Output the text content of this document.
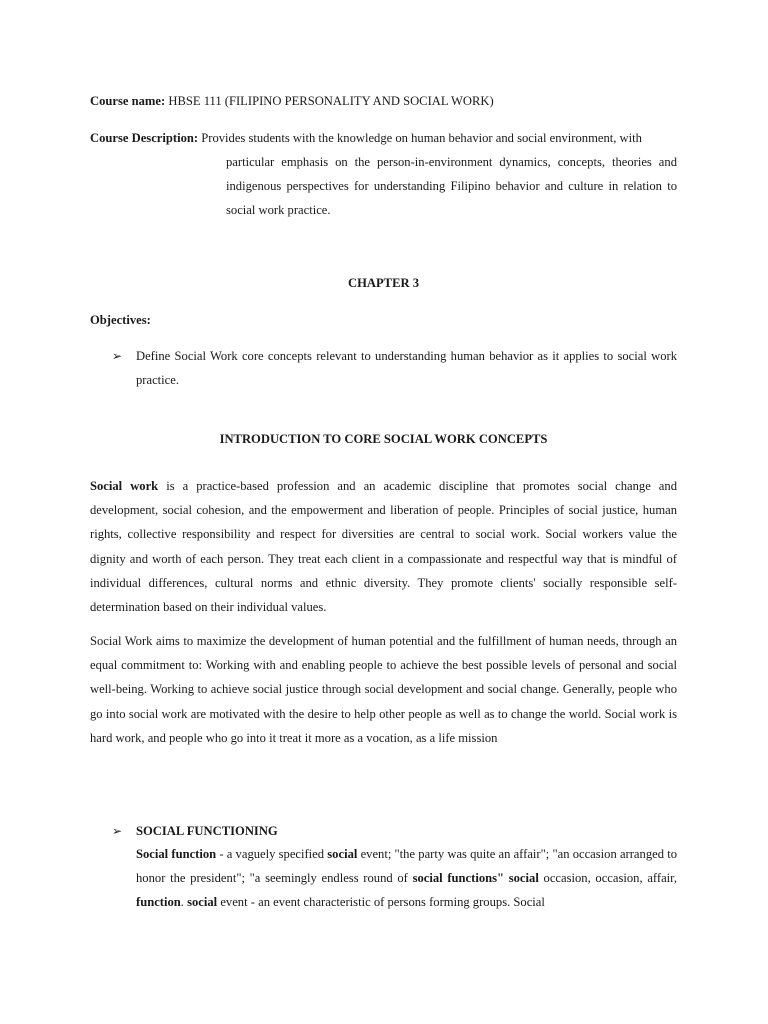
Course name: HBSE 111 (FILIPINO PERSONALITY AND SOCIAL WORK)
Course Description: Provides students with the knowledge on human behavior and social environment, with
particular emphasis on the person-in-environment dynamics, concepts, theories and indigenous perspectives for understanding Filipino behavior and culture in relation to social work practice.
CHAPTER 3
Objectives:
➢	Define Social Work core concepts relevant to understanding human behavior as it applies to social work practice.
INTRODUCTION TO CORE SOCIAL WORK CONCEPTS
Social work is a practice-based profession and an academic discipline that promotes social change and development, social cohesion, and the empowerment and liberation of people. Principles of social justice, human rights, collective responsibility and respect for diversities are central to social work. Social workers value the dignity and worth of each person. They treat each client in a compassionate and respectful way that is mindful of individual differences, cultural norms and ethnic diversity. They promote clients' socially responsible self-determination based on their individual values.
Social Work aims to maximize the development of human potential and the fulfillment of human needs, through an equal commitment to: Working with and enabling people to achieve the best possible levels of personal and social well-being. Working to achieve social justice through social development and social change. Generally, people who go into social work are motivated with the desire to help other people as well as to change the world. Social work is hard work, and people who go into it treat it more as a vocation, as a life mission
➢	SOCIAL FUNCTIONING
Social function - a vaguely specified social event; "the party was quite an affair"; "an occasion arranged to honor the president"; "a seemingly endless round of social functions" social occasion, occasion, affair, function. social event - an event characteristic of persons forming groups. Social
